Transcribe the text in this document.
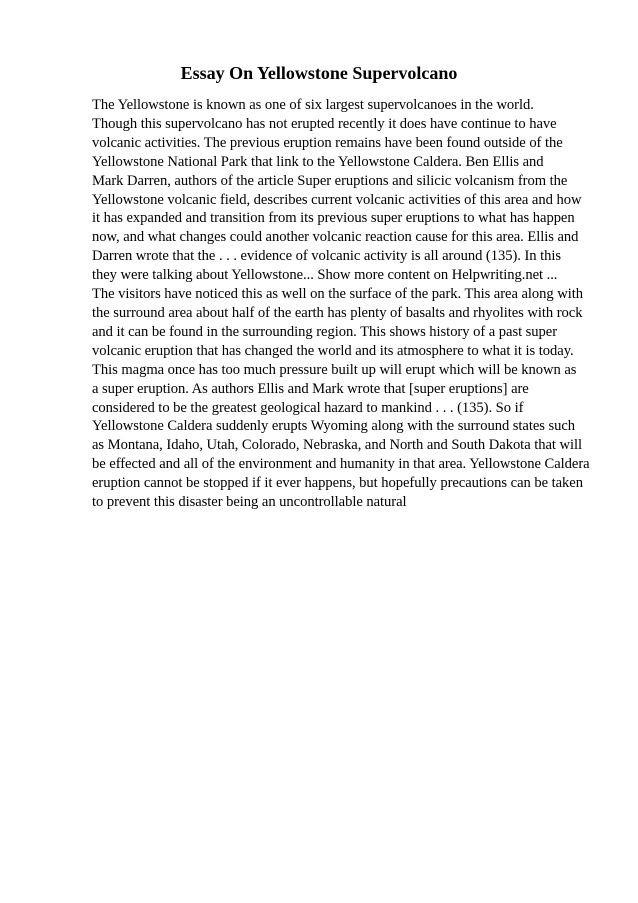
Essay On Yellowstone Supervolcano
The Yellowstone is known as one of six largest supervolcanoes in the world.
Though this supervolcano has not erupted recently it does have continue to have
volcanic activities. The previous eruption remains have been found outside of the
Yellowstone National Park that link to the Yellowstone Caldera. Ben Ellis and
Mark Darren, authors of the article Super eruptions and silicic volcanism from the
Yellowstone volcanic field, describes current volcanic activities of this area and how
it has expanded and transition from its previous super eruptions to what has happen
now, and what changes could another volcanic reaction cause for this area. Ellis and
Darren wrote that the . . . evidence of volcanic activity is all around (135). In this
they were talking about Yellowstone... Show more content on Helpwriting.net ...
The visitors have noticed this as well on the surface of the park. This area along with
the surround area about half of the earth has plenty of basalts and rhyolites with rock
and it can be found in the surrounding region. This shows history of a past super
volcanic eruption that has changed the world and its atmosphere to what it is today.
This magma once has too much pressure built up will erupt which will be known as
a super eruption. As authors Ellis and Mark wrote that [super eruptions] are
considered to be the greatest geological hazard to mankind . . . (135). So if
Yellowstone Caldera suddenly erupts Wyoming along with the surround states such
as Montana, Idaho, Utah, Colorado, Nebraska, and North and South Dakota that will
be effected and all of the environment and humanity in that area. Yellowstone Caldera
eruption cannot be stopped if it ever happens, but hopefully precautions can be taken
to prevent this disaster being an uncontrollable natural
